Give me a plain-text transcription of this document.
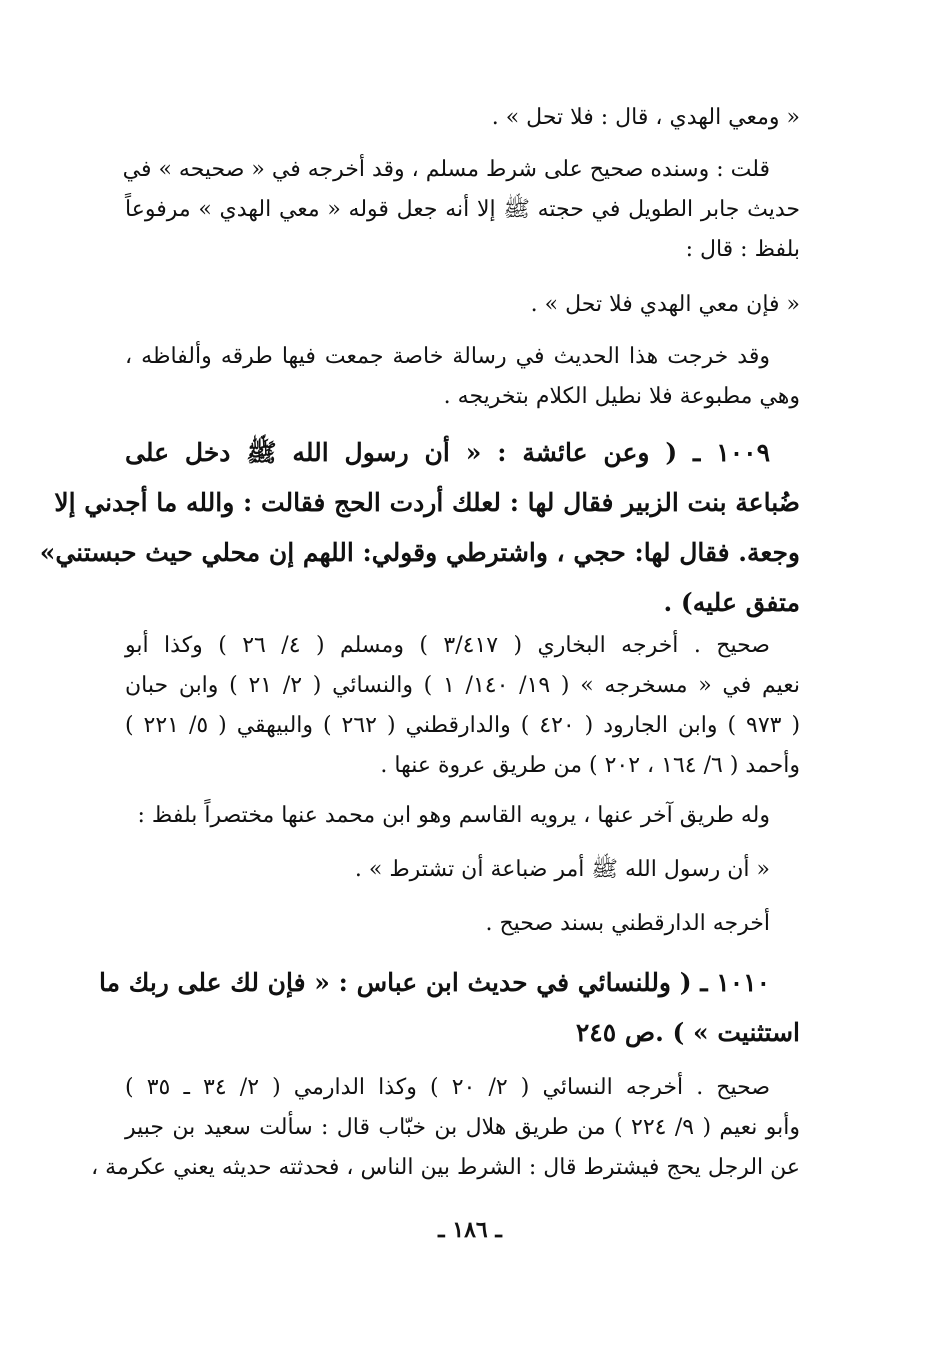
« ومعي الهدي ، قال : فلا تحل » .
قلت : وسنده صحيح على شرط مسلم ، وقد أخرجه في « صحيحه » في
حديث جابر الطويل في حجته ﷺ إلا أنه جعل قوله « معي الهدي » مرفوعاً
بلفظ : قال :
« فإن معي الهدي فلا تحل » .
وقد خرجت هذا الحديث في رسالة خاصة جمعت فيها طرقه وألفاظه ،
وهي مطبوعة فلا نطيل الكلام بتخريجه .
١٠٠٩ ـ ( وعن عائشة : « أن رسول الله ﷺ دخل على
ضُباعة بنت الزبير فقال لها : لعلك أردت الحج فقالت : والله ما أجدني إلا
وجعة. فقال لها: حجي ، واشترطي وقولي: اللهم إن محلي حيث حبستني»
متفق عليه) .
صحيح . أخرجه البخاري ( ٣/٤١٧ ) ومسلم ( ٤/ ٢٦ ) وكذا أبو
نعيم في « مسخرجه » ( ١٩/ ١٤٠/ ١ ) والنسائي ( ٢/ ٢١ ) وابن حبان
( ٩٧٣ ) وابن الجارود ( ٤٢٠ ) والدارقطني ( ٢٦٢ ) والبيهقي ( ٥/ ٢٢١ )
وأحمد ( ٦/ ١٦٤ ، ٢٠٢ ) من طريق عروة عنها .
وله طريق آخر عنها ، يرويه القاسم وهو ابن محمد عنها مختصراً بلفظ :
« أن رسول الله ﷺ أمر ضباعة أن تشترط » .
أخرجه الدارقطني بسند صحيح .
١٠١٠ ـ ( وللنسائي في حديث ابن عباس : « فإن لك على ربك ما
استثنيت » ) .ص ٢٤٥
صحيح . أخرجه النسائي ( ٢/ ٢٠ ) وكذا الدارمي ( ٢/ ٣٤ ـ ٣٥ )
وأبو نعيم ( ٩/ ٢٢٤ ) من طريق هلال بن خبّاب قال : سألت سعيد بن جبير
عن الرجل يحج فيشترط قال : الشرط بين الناس ، فحدثته حديثه يعني عكرمة ،
ـ ١٨٦ ـ
